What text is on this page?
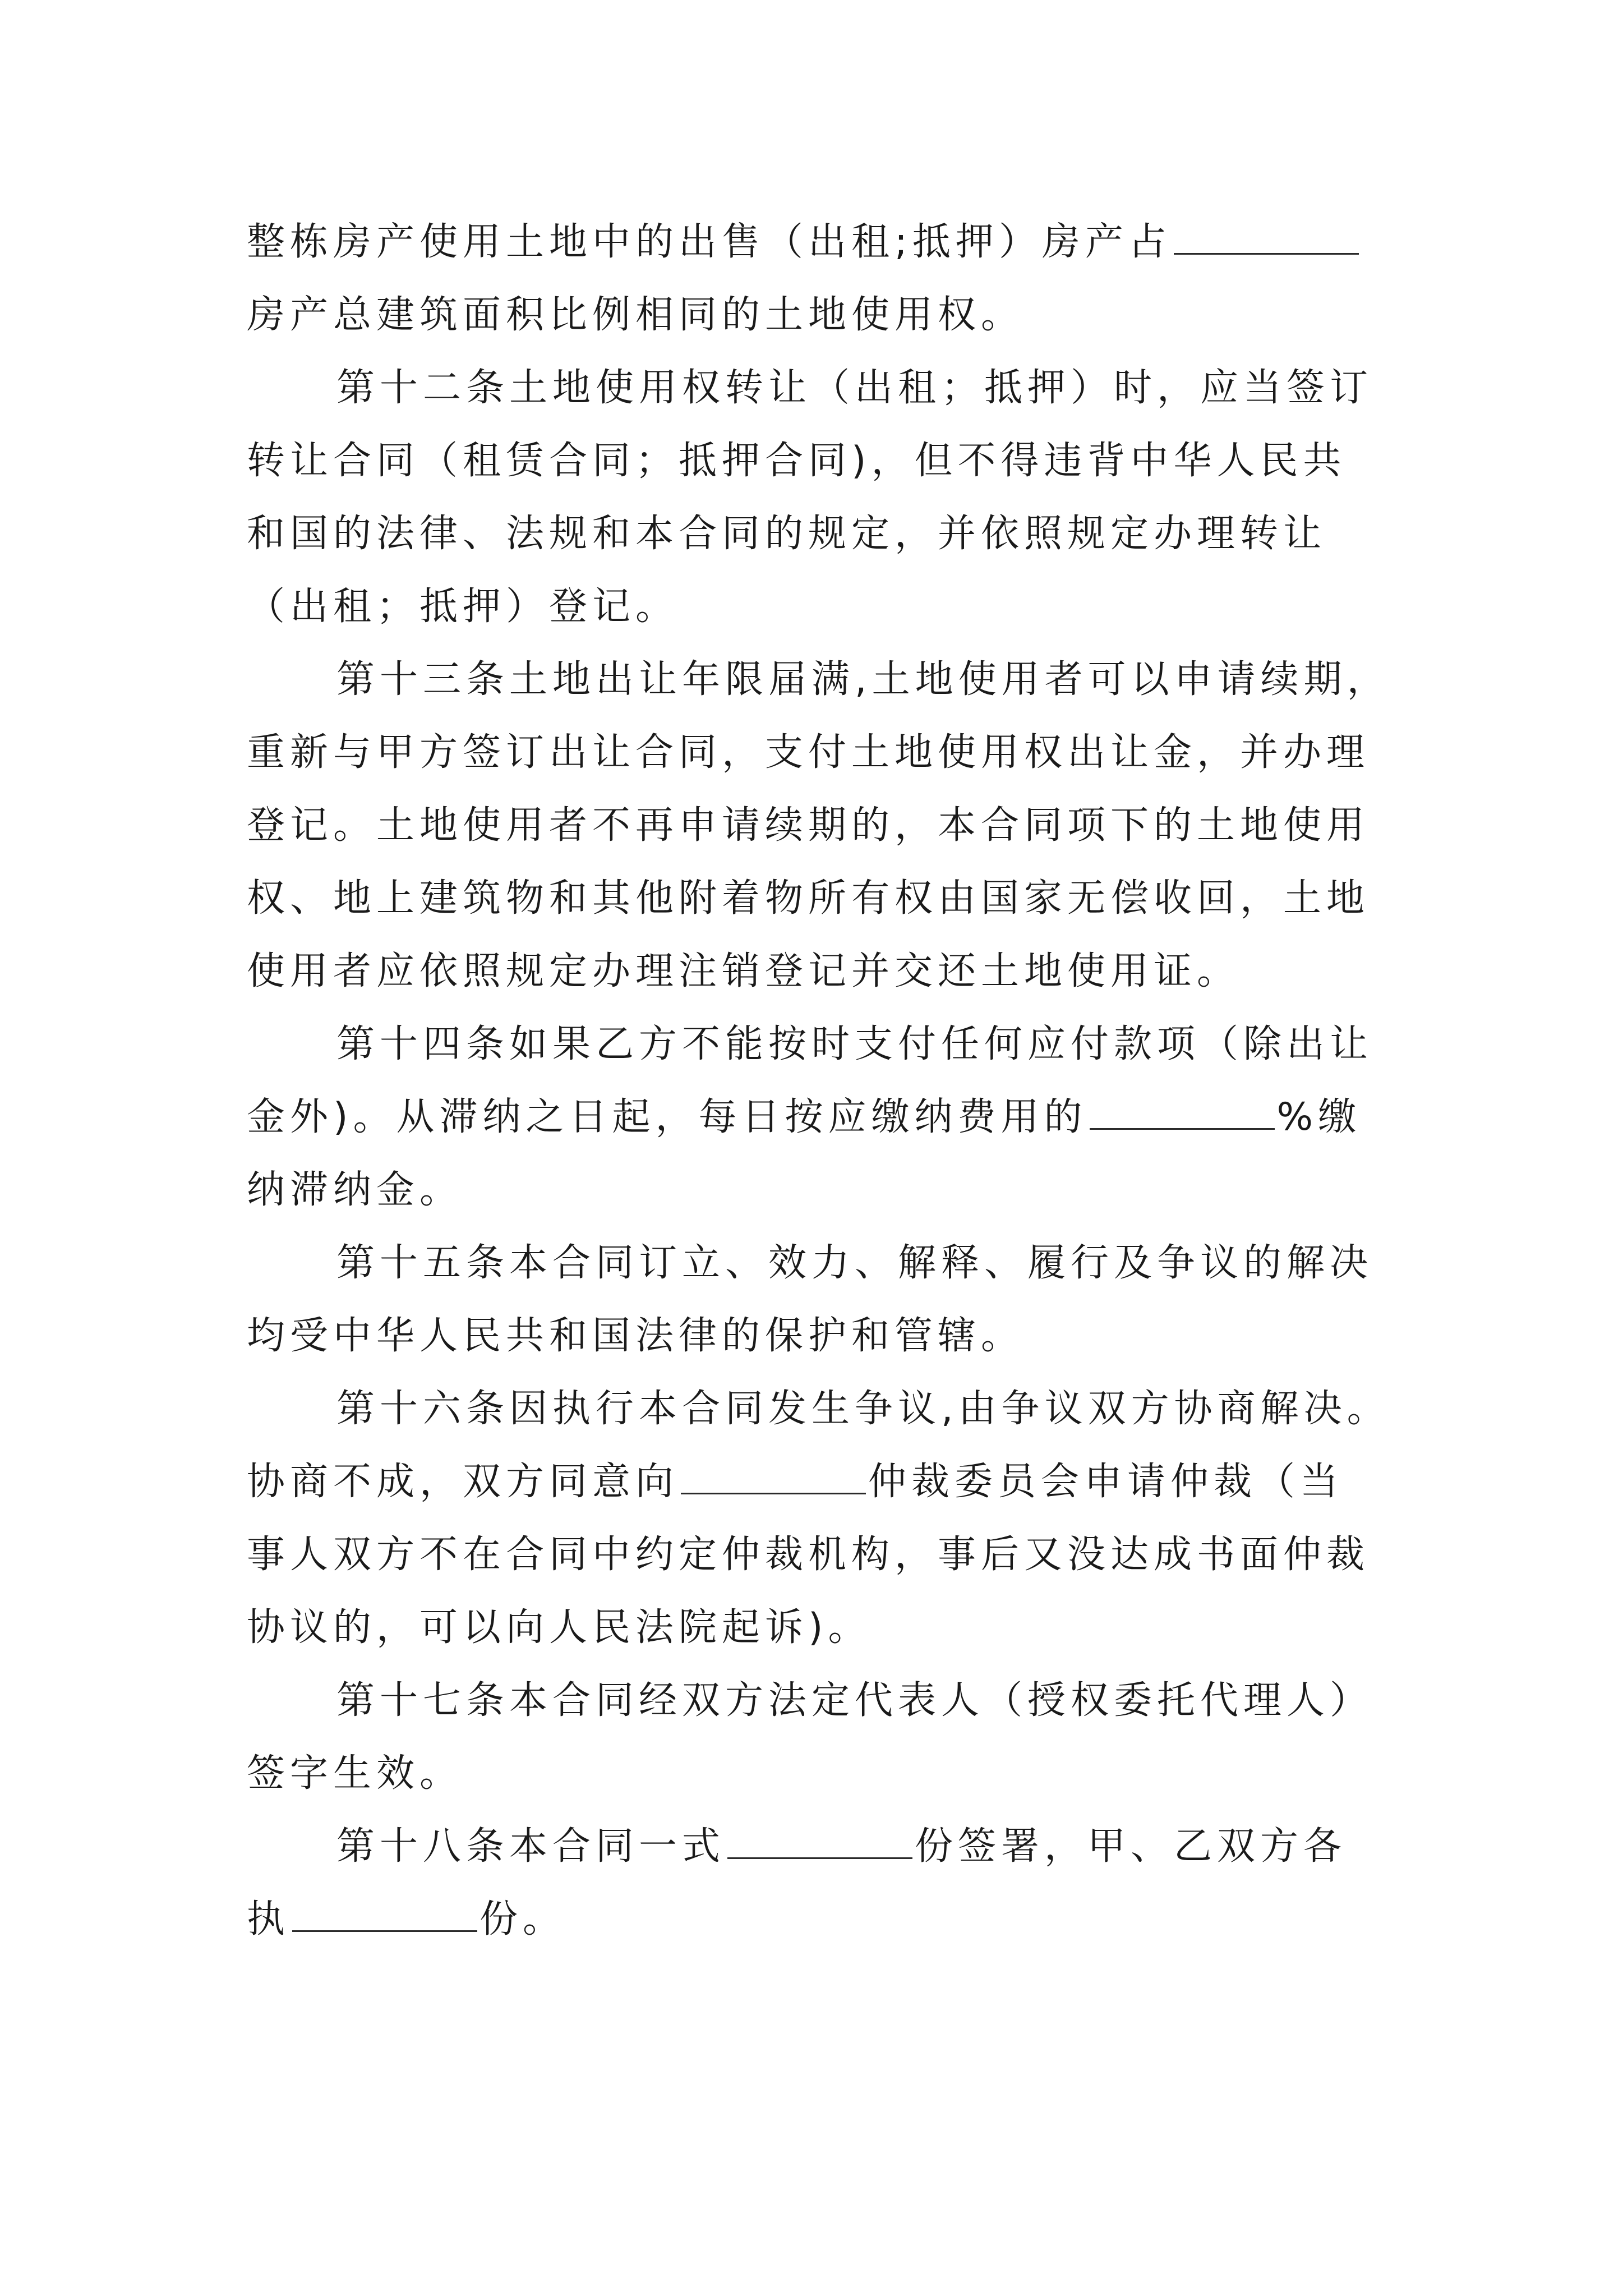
整栋房产使用土地中的出售（出租;抵押）房产占
房产总建筑面积比例相同的土地使用权。
第十二条土地使用权转让（出租；抵押）时，应当签订
转让合同（租赁合同；抵押合同)，但不得违背中华人民共
和国的法律、法规和本合同的规定，并依照规定办理转让
（出租；抵押）登记。
第十三条土地出让年限届满,土地使用者可以申请续期，
重新与甲方签订出让合同，支付土地使用权出让金，并办理
登记。土地使用者不再申请续期的，本合同项下的土地使用
权、地上建筑物和其他附着物所有权由国家无偿收回，土地
使用者应依照规定办理注销登记并交还土地使用证。
第十四条如果乙方不能按时支付任何应付款项（除出让
金外)。从滞纳之日起，每日按应缴纳费用的	%缴
纳滞纳金。
第十五条本合同订立、效力、解释、履行及争议的解决
均受中华人民共和国法律的保护和管辖。
第十六条因执行本合同发生争议,由争议双方协商解决。
协商不成，双方同意向	仲裁委员会申请仲裁（当
事人双方不在合同中约定仲裁机构，事后又没达成书面仲裁
协议的，可以向人民法院起诉)。
第十七条本合同经双方法定代表人（授权委托代理人）
签字生效。
第十八条本合同一式	份签署，甲、乙双方各
执	份。
